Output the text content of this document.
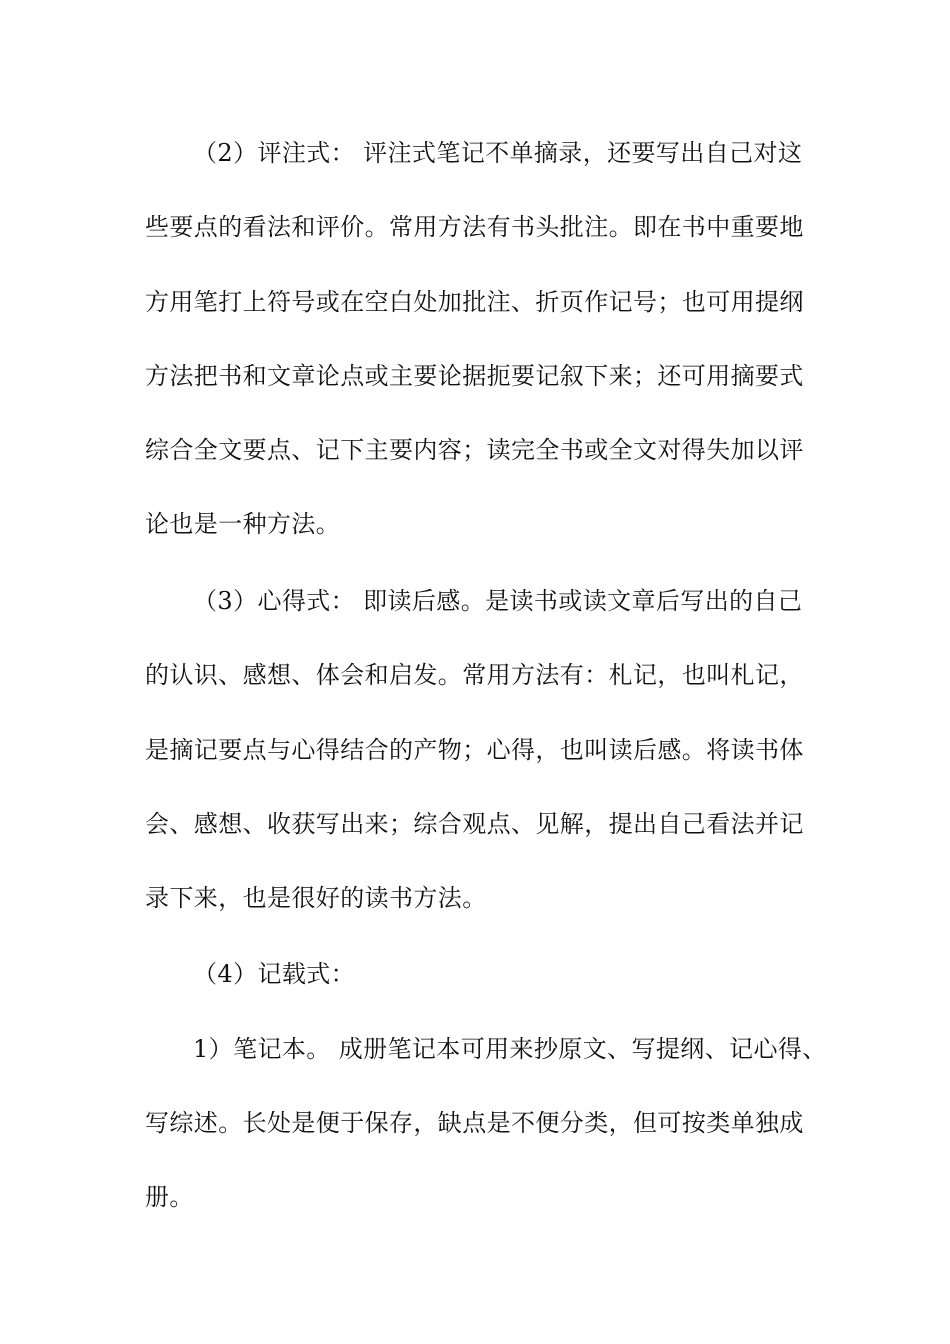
（2）评注式： 评注式笔记不单摘录，还要写出自己对这
些要点的看法和评价。常用方法有书头批注。即在书中重要地
方用笔打上符号或在空白处加批注、折页作记号；也可用提纲
方法把书和文章论点或主要论据扼要记叙下来；还可用摘要式
综合全文要点、记下主要内容；读完全书或全文对得失加以评
论也是一种方法。
（3）心得式： 即读后感。是读书或读文章后写出的自己
的认识、感想、体会和启发。常用方法有：札记，也叫札记，
是摘记要点与心得结合的产物；心得，也叫读后感。将读书体
会、感想、收获写出来；综合观点、见解，提出自己看法并记
录下来，也是很好的读书方法。
（4）记载式：
1）笔记本。 成册笔记本可用来抄原文、写提纲、记心得、
写综述。长处是便于保存，缺点是不便分类，但可按类单独成
册。
